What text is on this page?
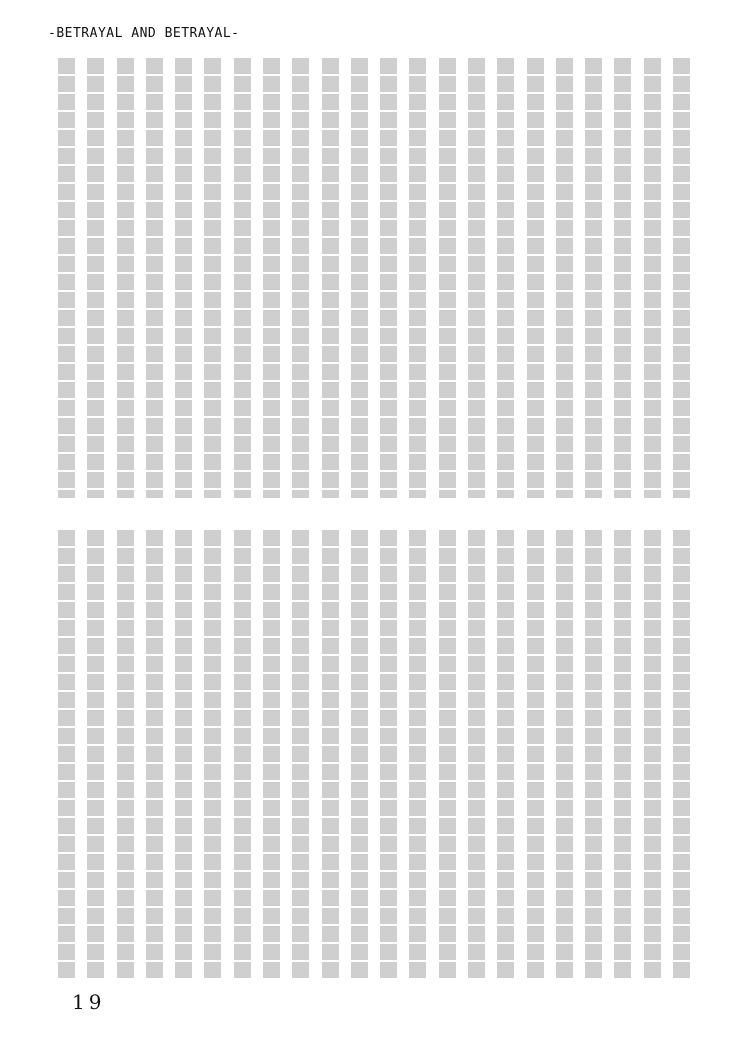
-BETRAYAL AND BETRAYAL-
19
